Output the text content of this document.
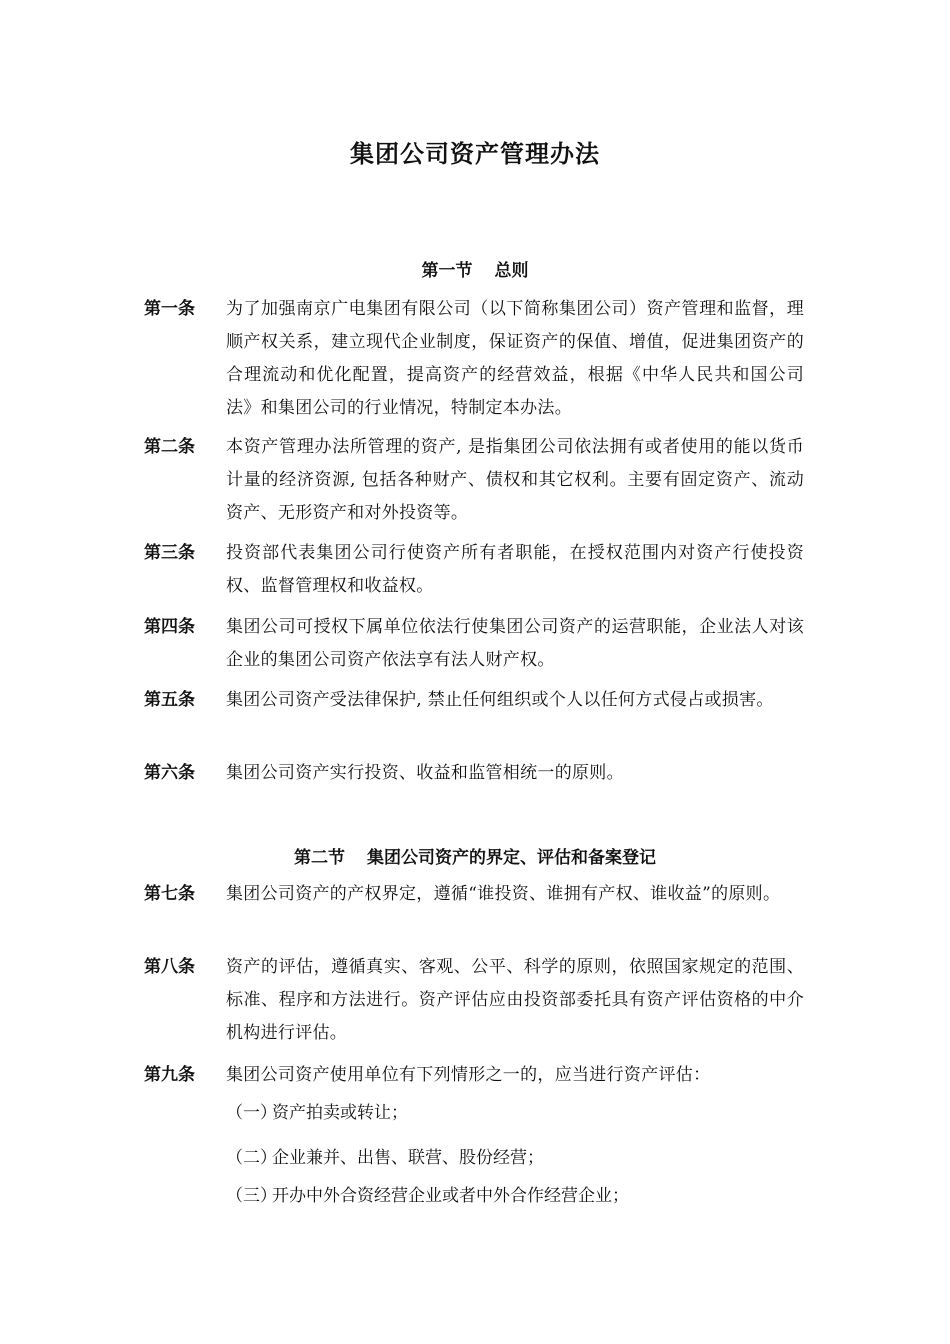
集团公司资产管理办法
第一节 总则
第一条 为了加强南京广电集团有限公司（以下简称集团公司）资产管理和监督，理顺产权关系，建立现代企业制度，保证资产的保值、增值，促进集团资产的合理流动和优化配置，提高资产的经营效益，根据《中华人民共和国公司法》和集团公司的行业情况，特制定本办法。
第二条 本资产管理办法所管理的资产, 是指集团公司依法拥有或者使用的能以货币计量的经济资源, 包括各种财产、债权和其它权利。主要有固定资产、流动资产、无形资产和对外投资等。
第三条 投资部代表集团公司行使资产所有者职能，在授权范围内对资产行使投资权、监督管理权和收益权。
第四条 集团公司可授权下属单位依法行使集团公司资产的运营职能，企业法人对该企业的集团公司资产依法享有法人财产权。
第五条 集团公司资产受法律保护, 禁止任何组织或个人以任何方式侵占或损害。
第六条 集团公司资产实行投资、收益和监管相统一的原则。
第二节 集团公司资产的界定、评估和备案登记
第七条 集团公司资产的产权界定，遵循“谁投资、谁拥有产权、谁收益”的原则。
第八条 资产的评估，遵循真实、客观、公平、科学的原则，依照国家规定的范围、标准、程序和方法进行。资产评估应由投资部委托具有资产评估资格的中介机构进行评估。
第九条 集团公司资产使用单位有下列情形之一的，应当进行资产评估：
（一）资产拍卖或转让；
（二）企业兼并、出售、联营、股份经营；
（三）开办中外合资经营企业或者中外合作经营企业；
